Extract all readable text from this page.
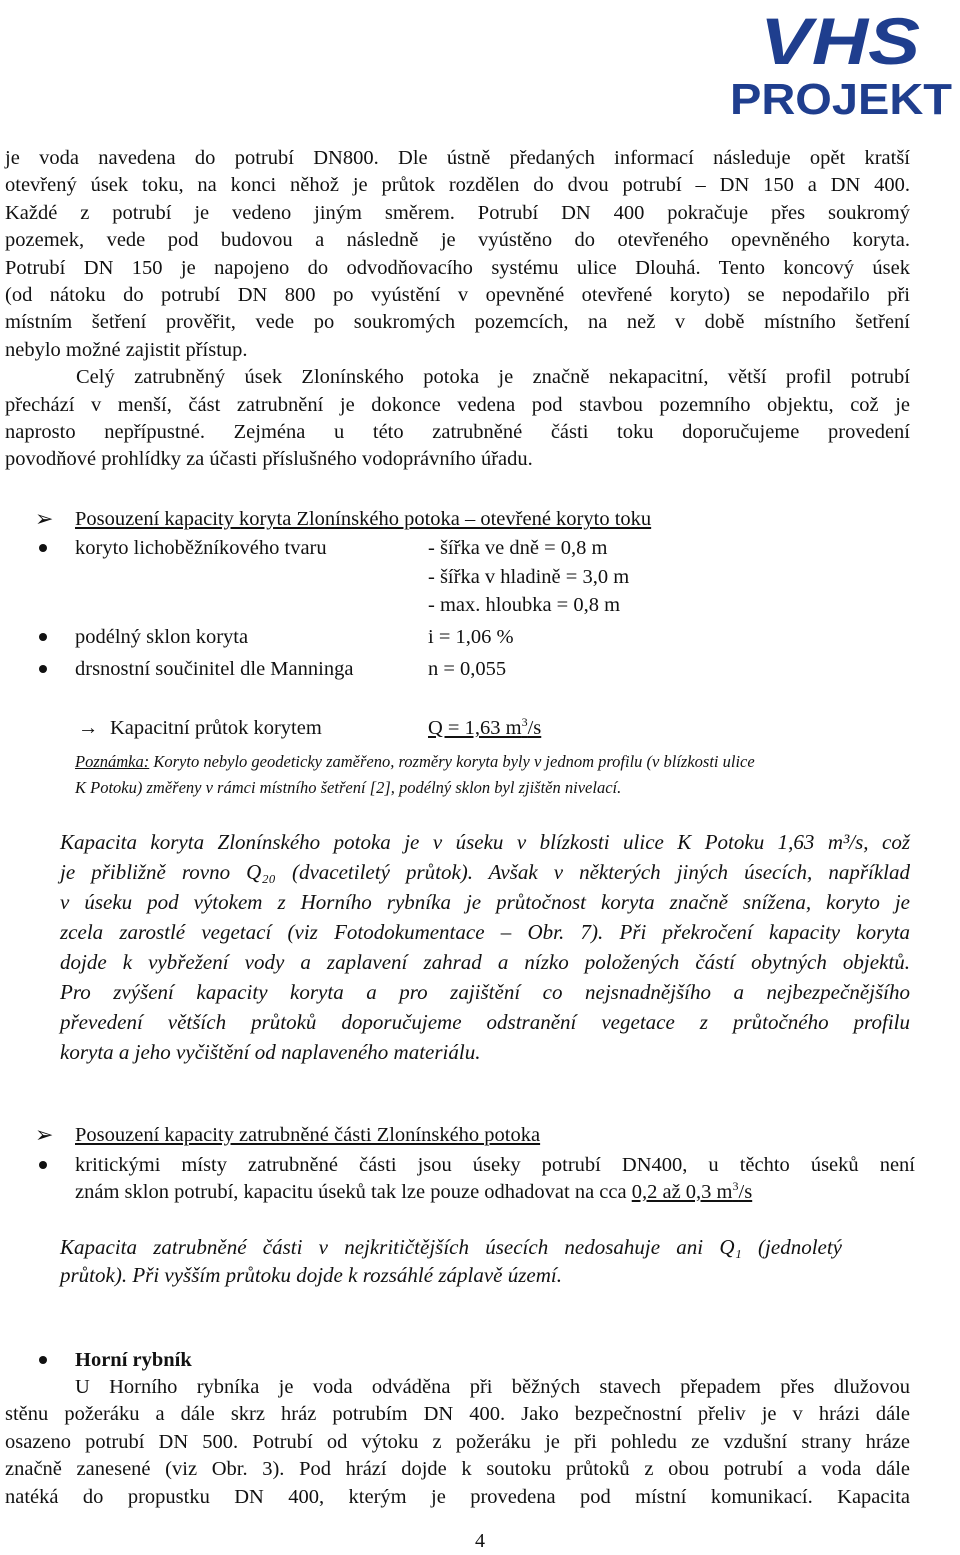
VHS
PROJEKT

je voda navedena do potrubí DN800. Dle ústně předaných informací následuje opět kratší
otevřený úsek toku, na konci něhož je průtok rozdělen do dvou potrubí – DN 150 a DN 400.
Každé z potrubí je vedeno jiným směrem. Potrubí DN 400 pokračuje přes soukromý
pozemek, vede pod budovou a následně je vyústěno do otevřeného opevněného koryta.
Potrubí DN 150 je napojeno do odvodňovacího systému ulice Dlouhá. Tento koncový úsek
(od nátoku do potrubí DN 800 po vyústění v opevněné otevřené koryto) se nepodařilo při
místním šetření prověřit, vede po soukromých pozemcích, na než v době místního šetření
nebylo možné zajistit přístup.

Celý zatrubněný úsek Zlonínského potoka je značně nekapacitní, větší profil potrubí
přechází v menší, část zatrubnění je dokonce vedena pod stavbou pozemního objektu, což je
naprosto nepřípustné. Zejména u této zatrubněné části toku doporučujeme provedení
povodňové prohlídky za účasti příslušného vodoprávního úřadu.

➢ Posouzení kapacity koryta Zlonínského potoka – otevřené koryto toku
koryto lichoběžníkového tvaru	- šířka ve dně = 0,8 m
- šířka v hladině = 3,0 m
- max. hloubka = 0,8 m
podélný sklon koryta	i = 1,06 %
drsnostní součinitel dle Manninga	n = 0,055
→ Kapacitní průtok korytem	Q = 1,63 $m^3/s$
Poznámka: Koryto nebylo geodeticky zaměřeno, rozměry koryta byly v jednom profilu (v blízkosti ulice
K Potoku) změřeny v rámci místního šetření [2], podélný sklon byl zjištěn nivelací.
Kapacita koryta Zlonínského potoka je v úseku v blízkosti ulice K Potoku 1,63 m³/s, což
je přibližně rovno Q₂₀ (dvacetiletý průtok). Avšak v některých jiných úsecích, například
v úseku pod výtokem z Horního rybníka je průtočnost koryta značně snížena, koryto je
zcela zarostlé vegetací (viz Fotodokumentace – Obr. 7). Při překročení kapacity koryta
dojde k vybřežení vody a zaplavení zahrad a nízko položených částí obytných objektů.
Pro zvýšení kapacity koryta a pro zajištění co nejsnadnějšího a nejbezpečnějšího
převedení větších průtoků doporučujeme odstranění vegetace z průtočného profilu
koryta a jeho vyčištění od naplaveného materiálu.
➢ Posouzení kapacity zatrubněné části Zlonínského potoka
kritickými místy zatrubněné části jsou úseky potrubí DN400, u těchto úseků není
znám sklon potrubí, kapacitu úseků tak lze pouze odhadovat na cca 0,2 až 0,3 $m^3/s$
Kapacita zatrubněné části v nejkritičtějších úsecích nedosahuje ani Q₁ (jednoletý
průtok). Při vyšším průtoku dojde k rozsáhlé záplavě území.
Horní rybník
U Horního rybníka je voda odváděna při běžných stavech přepadem přes dlužovou
stěnu požeráku a dále skrz hráz potrubím DN 400. Jako bezpečnostní přeliv je v hrázi dále
osazeno potrubí DN 500. Potrubí od výtoku z požeráku je při pohledu ze vzdušní strany hráze
značně zanesené (viz Obr. 3). Pod hrází dojde k soutoku průtoků z obou potrubí a voda dále
natéká do propustku DN 400, kterým je provedena pod místní komunikací. Kapacita
4
